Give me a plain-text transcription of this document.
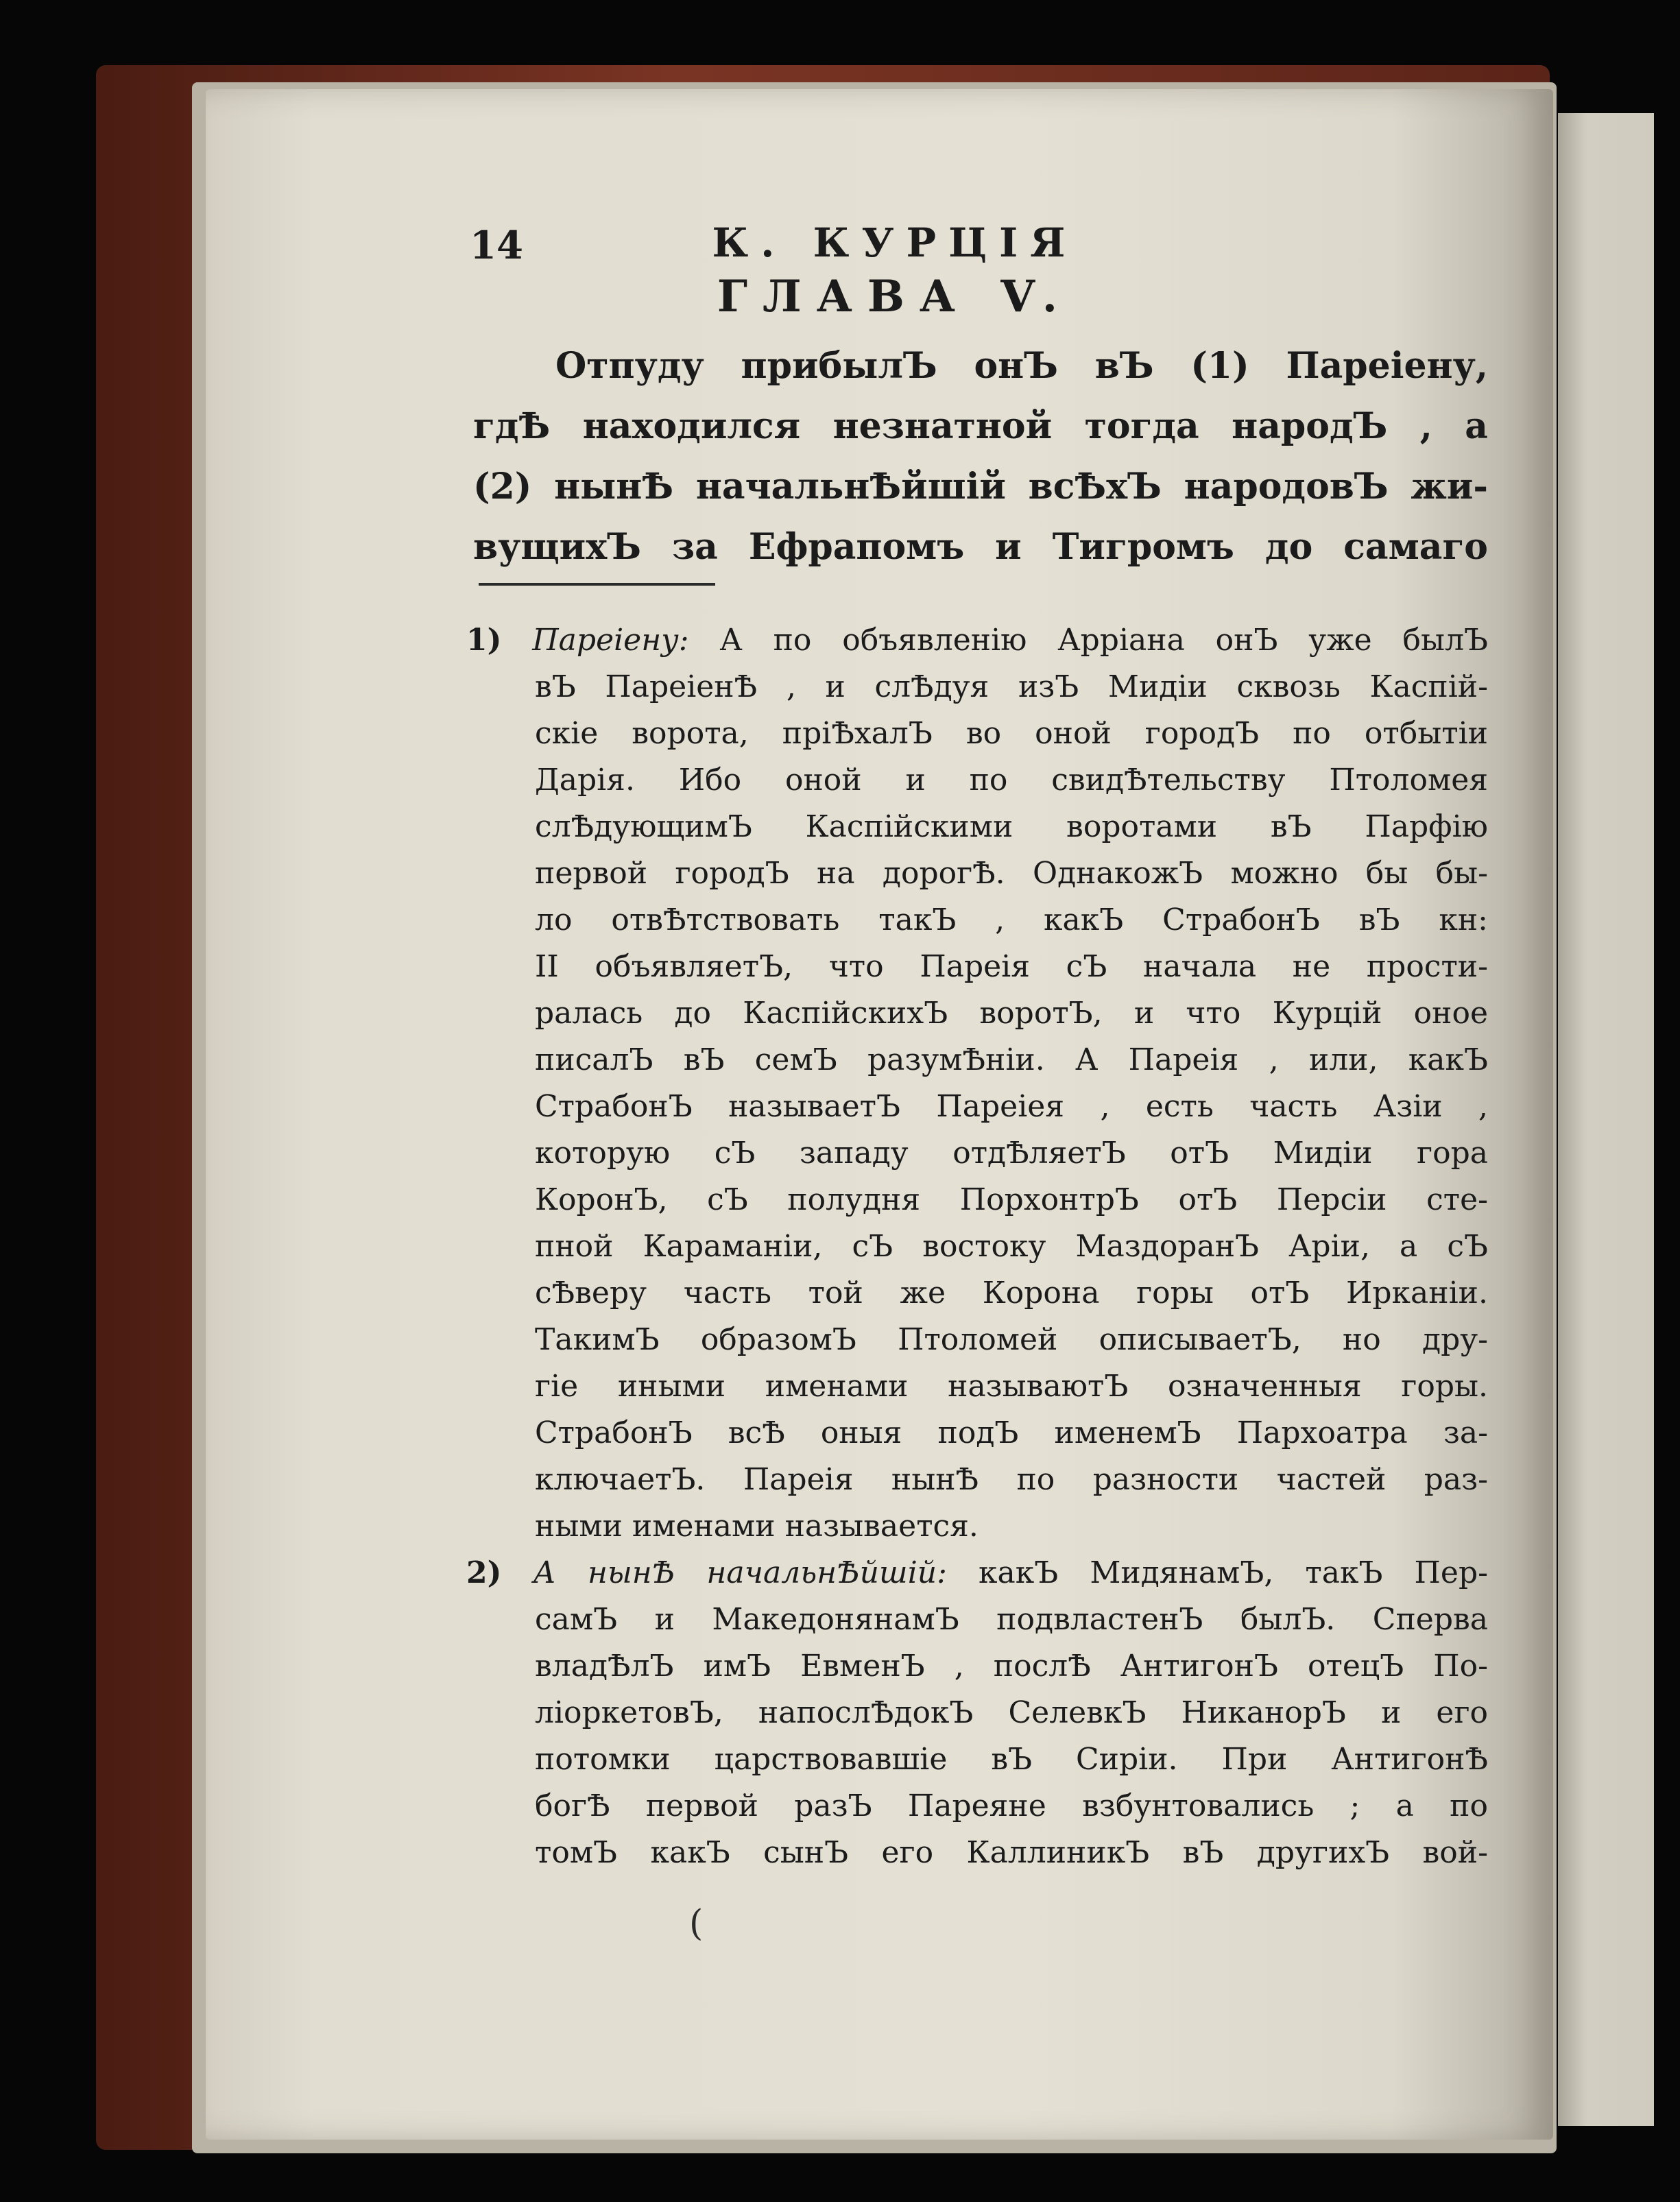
14	К. КУРЦІЯ
ГЛАВА V.
Отпуду прибылЪ онЪ вЪ (1) Пареіену,
гдѢ находился незнатной тогда народЪ , а
(2) нынѢ начальнѢйшій всѢхЪ народовЪ жи-
вущихЪ за Ефрапомъ и Тигромъ до самаго
1) Пареіену: А по объявленію Арріана онЪ уже былЪ
вЪ ПареіенѢ , и слѢдуя изЪ Мидіи сквозь Каспій-
скіе ворота, пріѢхалЪ во оной городЪ по отбытіи
Дарія. Ибо оной и по свидѢтельству Птоломея
слѢдующимЪ Каспійскими воротами вЪ Парфію
первой городЪ на дорогѢ. ОднакожЪ можно бы бы-
ло отвѢтствовать такЪ , какЪ СтрабонЪ вЪ кн:
ΙΙ объявляетЪ, что Пареія сЪ начала не прости-
ралась до КаспійскихЪ воротЪ, и что Курцій оное
писалЪ вЪ семЪ разумѢніи. А Пареія , или, какЪ
СтрабонЪ называетЪ Пареіея , есть часть Азіи ,
которую сЪ западу отдѢляетЪ отЪ Мидіи гора
КоронЪ, сЪ полудня ПорхонтрЪ отЪ Персіи сте-
пной Караманіи, сЪ востоку МаздоранЪ Аріи, а сЪ
сѢверу часть той же Корона горы отЪ Ирканіи.
ТакимЪ образомЪ Птоломей описываетЪ, но дру-
гіе иными именами называютЪ означенныя горы.
СтрабонЪ всѢ оныя подЪ именемЪ Пархоатра за-
ключаетЪ. Пареія нынѢ по разности частей раз-
ными именами называется.
2) А нынѢ начальнѢйшій: какЪ МидянамЪ, такЪ Пер-
самЪ и МакедонянамЪ подвластенЪ былЪ. Сперва
владѢлЪ имЪ ЕвменЪ , послѢ АнтигонЪ отецЪ По-
ліоркетовЪ, напослѢдокЪ СелевкЪ НиканорЪ и его
потомки царствовавшіе вЪ Сиріи. При АнтигонѢ
богѢ первой разЪ Пареяне взбунтовались ; а по
томЪ какЪ сынЪ его КаллиникЪ вЪ другихЪ вой-
(
